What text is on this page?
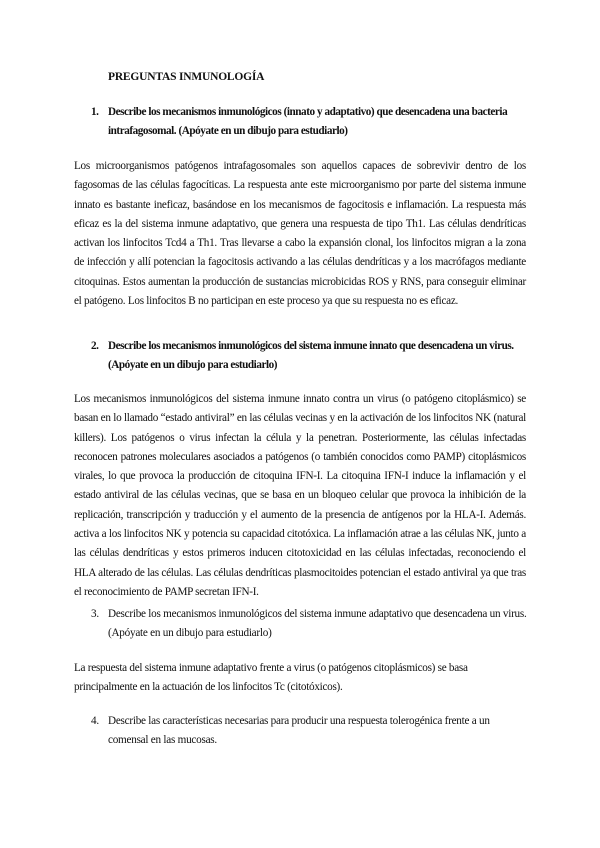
PREGUNTAS INMUNOLOGÍA
1. Describe los mecanismos inmunológicos (innato y adaptativo) que desencadena una bacteria intrafagosomal. (Apóyate en un dibujo para estudiarlo)

Los microorganismos patógenos intrafagosomales son aquellos capaces de sobrevivir dentro de los fagosomas de las células fagocíticas. La respuesta ante este microorganismo por parte del sistema inmune innato es bastante ineficaz, basándose en los mecanismos de fagocitosis e inflamación. La respuesta más eficaz es la del sistema inmune adaptativo, que genera una respuesta de tipo Th1. Las células dendríticas activan los linfocitos Tcd4 a Th1. Tras llevarse a cabo la expansión clonal, los linfocitos migran a la zona de infección y allí potencian la fagocitosis activando a las células dendríticas y a los macrófagos mediante citoquinas. Estos aumentan la producción de sustancias microbicidas ROS y RNS, para conseguir eliminar el patógeno. Los linfocitos B no participan en este proceso ya que su respuesta no es eficaz.

2. Describe los mecanismos inmunológicos del sistema inmune innato que desencadena un virus. (Apóyate en un dibujo para estudiarlo)

Los mecanismos inmunológicos del sistema inmune innato contra un virus (o patógeno citoplásmico) se basan en lo llamado “estado antiviral” en las células vecinas y en la activación de los linfocitos NK (natural killers). Los patógenos o virus infectan la célula y la penetran. Posteriormente, las células infectadas reconocen patrones moleculares asociados a patógenos (o también conocidos como PAMP) citoplásmicos virales, lo que provoca la producción de citoquina IFN-I. La citoquina IFN-I induce la inflamación y el estado antiviral de las células vecinas, que se basa en un bloqueo celular que provoca la inhibición de la replicación, transcripción y traducción y el aumento de la presencia de antígenos por la HLA-I. Además. activa a los linfocitos NK y potencia su capacidad citotóxica. La inflamación atrae a las células NK, junto a las células dendríticas y estos primeros inducen citotoxicidad en las células infectadas, reconociendo el HLA alterado de las células. Las células dendríticas plasmocitoides potencian el estado antiviral ya que tras el reconocimiento de PAMP secretan IFN-I.

3. Describe los mecanismos inmunológicos del sistema inmune adaptativo que desencadena un virus. (Apóyate en un dibujo para estudiarlo)

La respuesta del sistema inmune adaptativo frente a virus (o patógenos citoplásmicos) se basa principalmente en la actuación de los linfocitos Tc (citotóxicos).

4. Describe las características necesarias para producir una respuesta tolerogénica frente a un comensal en las mucosas.
